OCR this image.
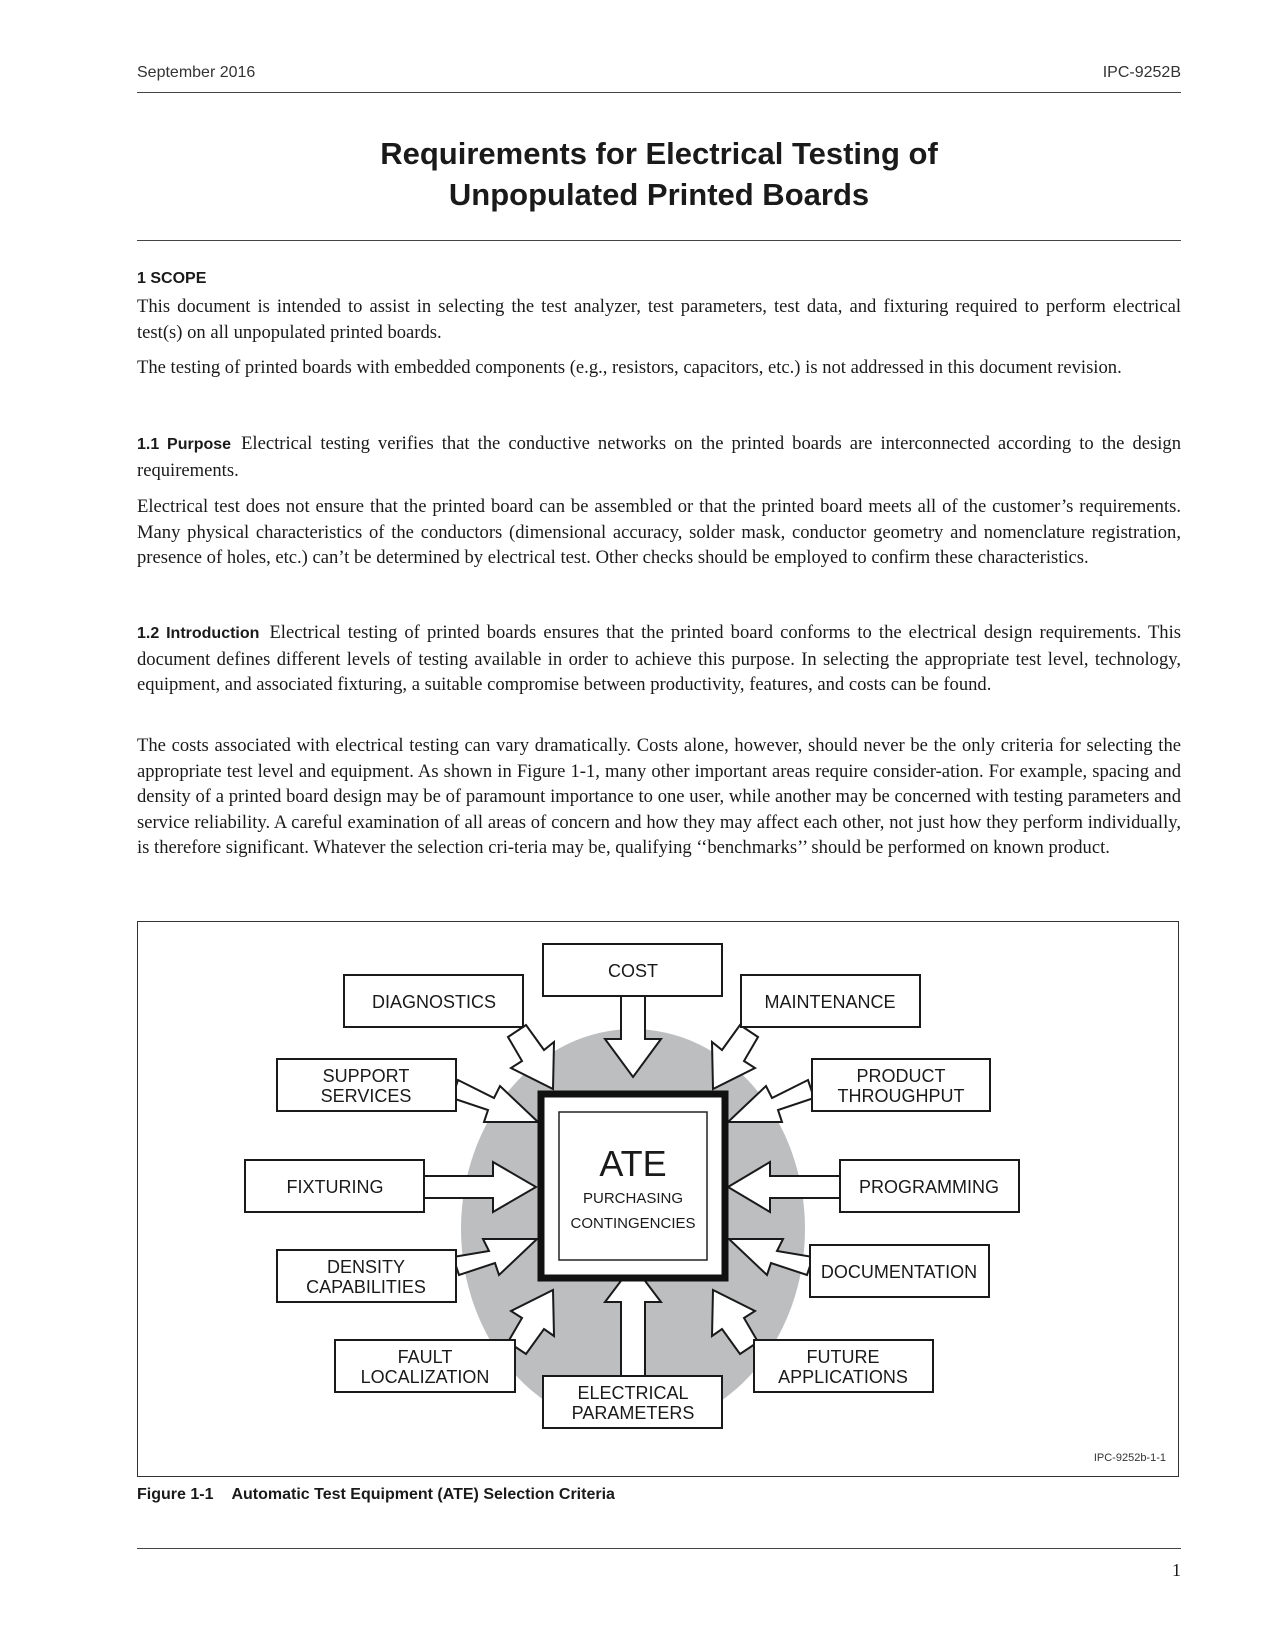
September 2016	IPC-9252B
Requirements for Electrical Testing of
Unpopulated Printed Boards
1 SCOPE

This document is intended to assist in selecting the test analyzer, test parameters, test data, and fixturing required to perform electrical test(s) on all unpopulated printed boards.

The testing of printed boards with embedded components (e.g., resistors, capacitors, etc.) is not addressed in this document revision.

1.1 Purpose Electrical testing verifies that the conductive networks on the printed boards are interconnected according to the design requirements.

Electrical test does not ensure that the printed board can be assembled or that the printed board meets all of the customer’s requirements. Many physical characteristics of the conductors (dimensional accuracy, solder mask, conductor geometry and nomenclature registration, presence of holes, etc.) can’t be determined by electrical test. Other checks should be employed to confirm these characteristics.

1.2 Introduction Electrical testing of printed boards ensures that the printed board conforms to the electrical design requirements. This document defines different levels of testing available in order to achieve this purpose. In selecting the appropriate test level, technology, equipment, and associated fixturing, a suitable compromise between productivity, features, and costs can be found.

The costs associated with electrical testing can vary dramatically. Costs alone, however, should never be the only criteria for selecting the appropriate test level and equipment. As shown in Figure 1-1, many other important areas require consider-ation. For example, spacing and density of a printed board design may be of paramount importance to one user, while another may be concerned with testing parameters and service reliability. A careful examination of all areas of concern and how they may affect each other, not just how they perform individually, is therefore significant. Whatever the selection cri-teria may be, qualifying ‘‘benchmarks’’ should be performed on known product.

COST
DIAGNOSTICS	MAINTENANCE
SUPPORT
SERVICES
PRODUCT
THROUGHPUT
FIXTURING	PROGRAMMING
DENSITY
CAPABILITIES
DOCUMENTATION
FAULT
LOCALIZATION
FUTURE
APPLICATIONS
ELECTRICAL
PARAMETERS
ATE
PURCHASING
CONTINGENCIES
IPC-9252b-1-1
Figure 1-1 Automatic Test Equipment (ATE) Selection Criteria
1
